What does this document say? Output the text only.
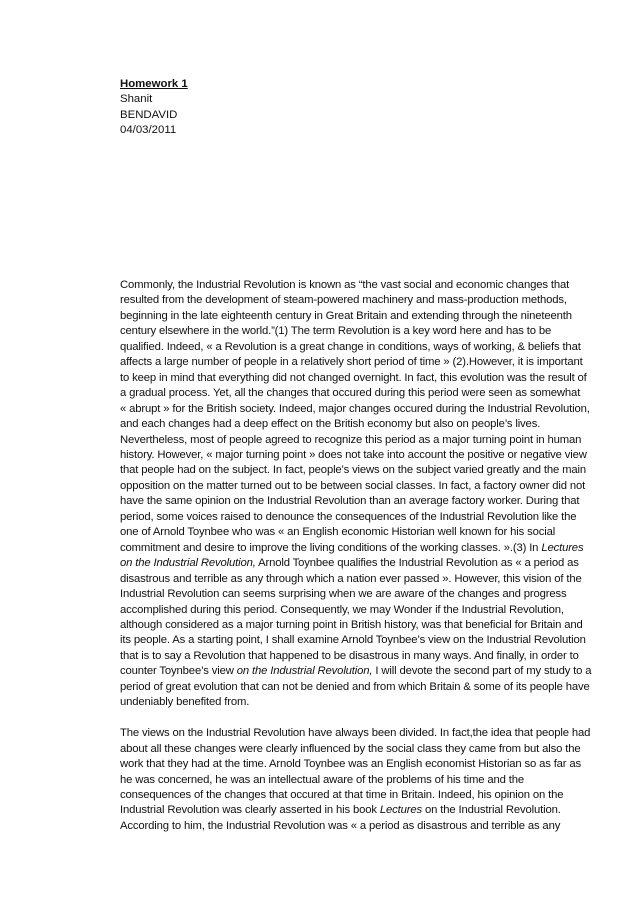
Homework 1
Shanit
BENDAVID
04/03/2011
Commonly, the Industrial Revolution is known as “the vast social and economic changes that
resulted from the development of steam-powered machinery and mass-production methods,
beginning in the late eighteenth century in Great Britain and extending through the nineteenth
century elsewhere in the world.”(1) The term Revolution is a key word here and has to be
qualified. Indeed, « a Revolution is a great change in conditions, ways of working, & beliefs that
affects a large number of people in a relatively short period of time » (2).However, it is important
to keep in mind that everything did not changed overnight. In fact, this evolution was the result of
a gradual process. Yet, all the changes that occured during this period were seen as somewhat
« abrupt » for the British society. Indeed, major changes occured during the Industrial Revolution,
and each changes had a deep effect on the British economy but also on people’s lives.
Nevertheless, most of people agreed to recognize this period as a major turning point in human
history. However, « major turning point » does not take into account the positive or negative view
that people had on the subject. In fact, people's views on the subject varied greatly and the main
opposition on the matter turned out to be between social classes. In fact, a factory owner did not
have the same opinion on the Industrial Revolution than an average factory worker. During that
period, some voices raised to denounce the consequences of the Industrial Revolution like the
one of Arnold Toynbee who was « an English economic Historian well known for his social
commitment and desire to improve the living conditions of the working classes. ».(3) In Lectures
on the Industrial Revolution, Arnold Toynbee qualifies the Industrial Revolution as « a period as
disastrous and terrible as any through which a nation ever passed ». However, this vision of the
Industrial Revolution can seems surprising when we are aware of the changes and progress
accomplished during this period. Consequently, we may Wonder if the Industrial Revolution,
although considered as a major turning point in British history, was that beneficial for Britain and
its people. As a starting point, I shall examine Arnold Toynbee’s view on the Industrial Revolution
that is to say a Revolution that happened to be disastrous in many ways. And finally, in order to
counter Toynbee’s view on the Industrial Revolution, I will devote the second part of my study to a
period of great evolution that can not be denied and from which Britain & some of its people have
undeniably benefited from.
The views on the Industrial Revolution have always been divided. In fact,the idea that people had
about all these changes were clearly influenced by the social class they came from but also the
work that they had at the time. Arnold Toynbee was an English economist Historian so as far as
he was concerned, he was an intellectual aware of the problems of his time and the
consequences of the changes that occured at that time in Britain. Indeed, his opinion on the
Industrial Revolution was clearly asserted in his book Lectures on the Industrial Revolution.
According to him, the Industrial Revolution was « a period as disastrous and terrible as any
